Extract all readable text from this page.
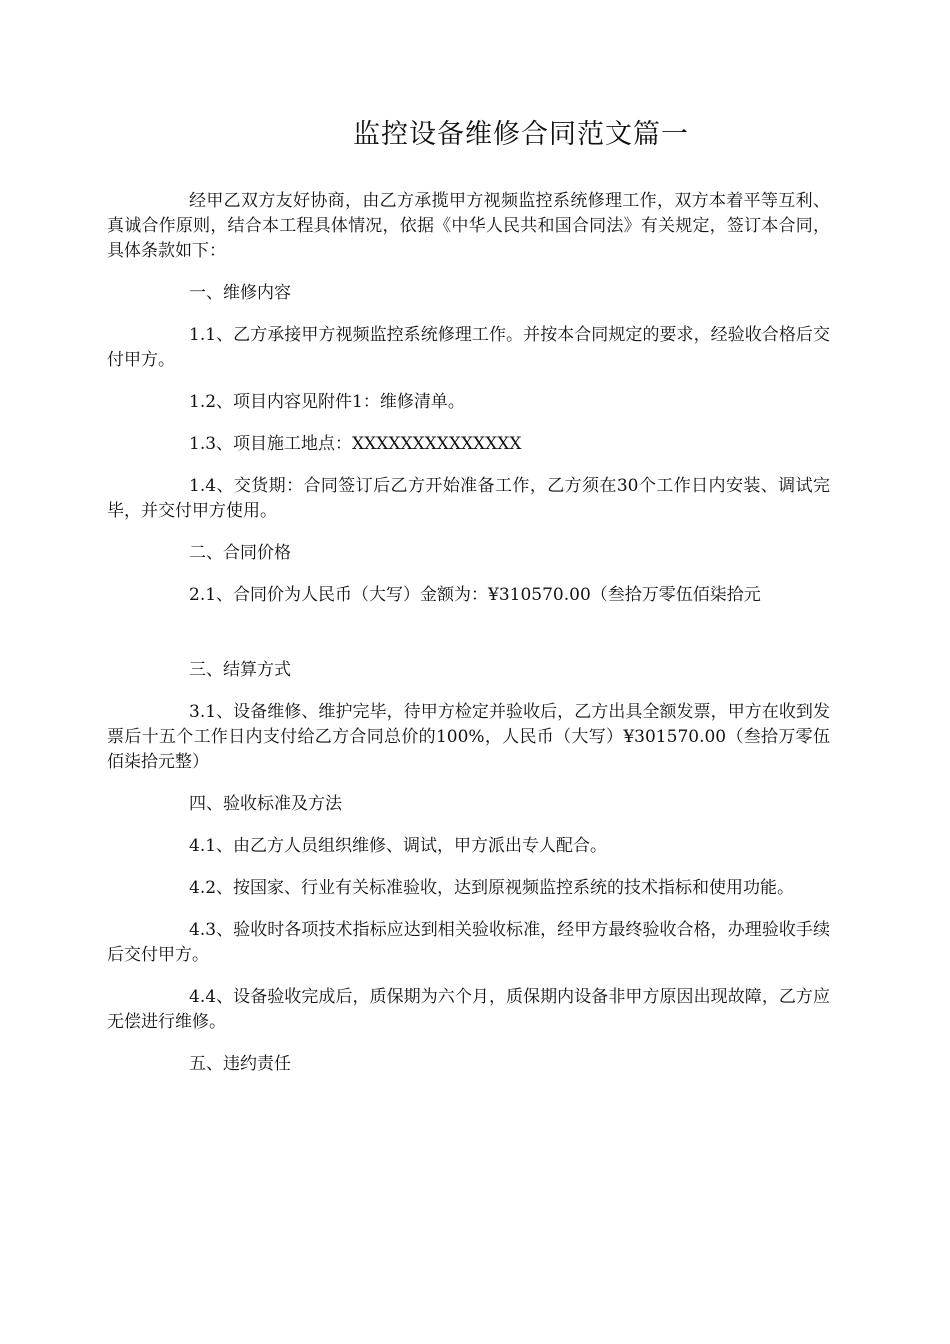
监控设备维修合同范文篇一

经甲乙双方友好协商，由乙方承揽甲方视频监控系统修理工作，双方本着平等互利、真诚合作原则，结合本工程具体情况，依据《中华人民共和国合同法》有关规定，签订本合同，具体条款如下：

一、维修内容

1.1、乙方承接甲方视频监控系统修理工作。并按本合同规定的要求，经验收合格后交付甲方。

1.2、项目内容见附件1：维修清单。

1.3、项目施工地点：XXXXXXXXXXXXXX

1.4、交货期：合同签订后乙方开始准备工作，乙方须在30个工作日内安装、调试完毕，并交付甲方使用。

二、合同价格

2.1、合同价为人民币（大写）金额为：¥310570.00（叁拾万零伍佰柒拾元

三、结算方式

3.1、设备维修、维护完毕，待甲方检定并验收后，乙方出具全额发票，甲方在收到发票后十五个工作日内支付给乙方合同总价的100%，人民币（大写）¥301570.00（叁拾万零伍佰柒拾元整）

四、验收标准及方法

4.1、由乙方人员组织维修、调试，甲方派出专人配合。

4.2、按国家、行业有关标准验收，达到原视频监控系统的技术指标和使用功能。

4.3、验收时各项技术指标应达到相关验收标准，经甲方最终验收合格，办理验收手续后交付甲方。

4.4、设备验收完成后，质保期为六个月，质保期内设备非甲方原因出现故障，乙方应无偿进行维修。

五、违约责任
